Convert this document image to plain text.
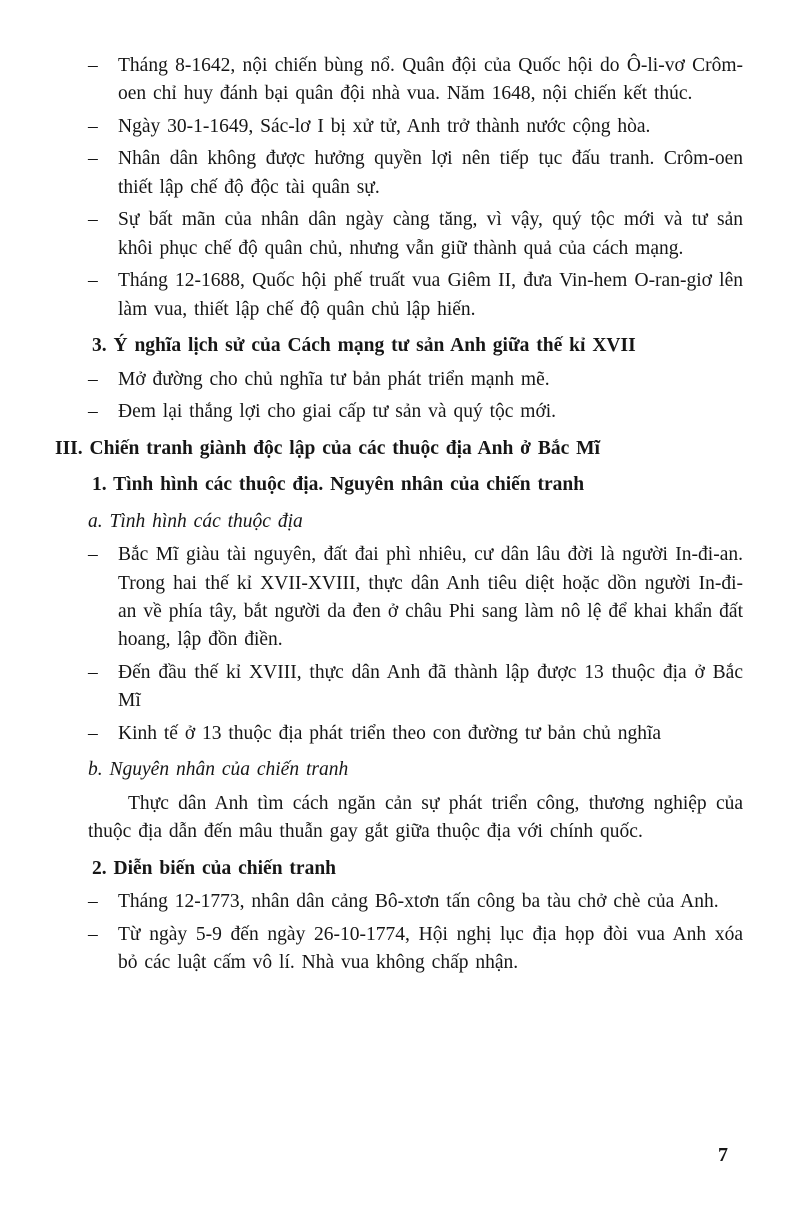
–	Tháng 8-1642, nội chiến bùng nổ. Quân đội của Quốc hội do Ô-li-vơ Crôm-oen chỉ huy đánh bại quân đội nhà vua. Năm 1648, nội chiến kết thúc.
–	Ngày 30-1-1649, Sác-lơ I bị xử tử, Anh trở thành nước cộng hòa.
–	Nhân dân không được hưởng quyền lợi nên tiếp tục đấu tranh. Crôm-oen thiết lập chế độ độc tài quân sự.
–	Sự bất mãn của nhân dân ngày càng tăng, vì vậy, quý tộc mới và tư sản khôi phục chế độ quân chủ, nhưng vẫn giữ thành quả của cách mạng.
–	Tháng 12-1688, Quốc hội phế truất vua Giêm II, đưa Vin-hem O-ran-giơ lên làm vua, thiết lập chế độ quân chủ lập hiến.
3. Ý nghĩa lịch sử của Cách mạng tư sản Anh giữa thế kỉ XVII
–	Mở đường cho chủ nghĩa tư bản phát triển mạnh mẽ.
–	Đem lại thắng lợi cho giai cấp tư sản và quý tộc mới.
III. Chiến tranh giành độc lập của các thuộc địa Anh ở Bắc Mĩ
1. Tình hình các thuộc địa. Nguyên nhân của chiến tranh
a. Tình hình các thuộc địa
–	Bắc Mĩ giàu tài nguyên, đất đai phì nhiêu, cư dân lâu đời là người In-đi-an. Trong hai thế kỉ XVII-XVIII, thực dân Anh tiêu diệt hoặc dồn người In-đi-an về phía tây, bắt người da đen ở châu Phi sang làm nô lệ để khai khẩn đất hoang, lập đồn điền.
–	Đến đầu thế kỉ XVIII, thực dân Anh đã thành lập được 13 thuộc địa ở Bắc Mĩ
–	Kinh tế ở 13 thuộc địa phát triển theo con đường tư bản chủ nghĩa
b. Nguyên nhân của chiến tranh
Thực dân Anh tìm cách ngăn cản sự phát triển công, thương nghiệp của thuộc địa dẫn đến mâu thuẫn gay gắt giữa thuộc địa với chính quốc.
2. Diễn biến của chiến tranh
–	Tháng 12-1773, nhân dân cảng Bô-xtơn tấn công ba tàu chở chè của Anh.
–	Từ ngày 5-9 đến ngày 26-10-1774, Hội nghị lục địa họp đòi vua Anh xóa bỏ các luật cấm vô lí. Nhà vua không chấp nhận.
7
